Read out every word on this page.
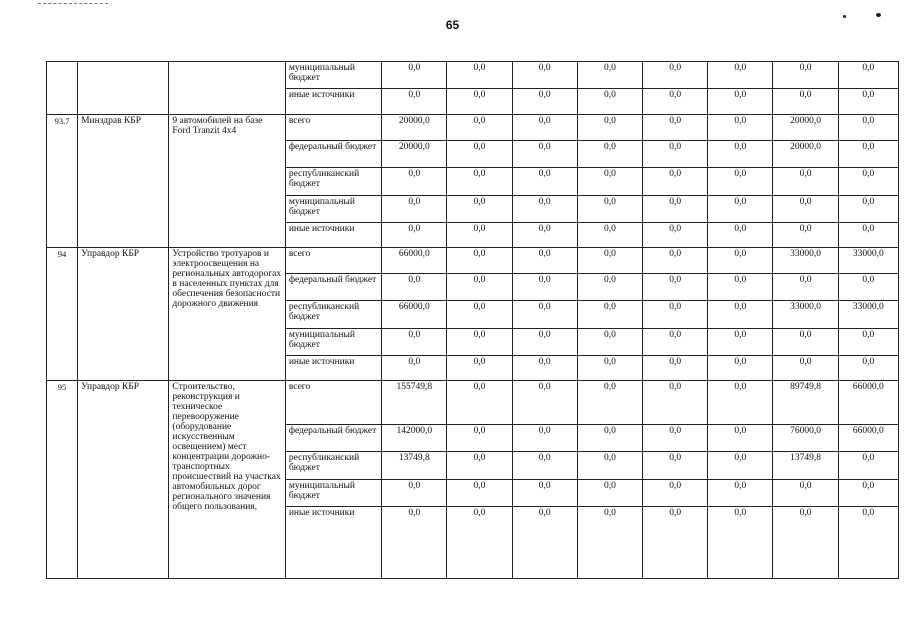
65
			муниципальный бюджет	0,0	0,0	0,0	0,0	0,0	0,0	0,0	0,0
			иные источники	0,0	0,0	0,0	0,0	0,0	0,0	0,0	0,0
93.7	Минздрав КБР	9 автомобилей на базе Ford Tranzit 4x4	всего	20000,0	0,0	0,0	0,0	0,0	0,0	20000,0	0,0
			федеральный бюджет	20000,0	0,0	0,0	0,0	0,0	0,0	20000,0	0,0
			республиканский бюджет	0,0	0,0	0,0	0,0	0,0	0,0	0,0	0,0
			муниципальный бюджет	0,0	0,0	0,0	0,0	0,0	0,0	0,0	0,0
			иные источники	0,0	0,0	0,0	0,0	0,0	0,0	0,0	0,0
94	Управдор КБР	Устройство тротуаров и электроосвещения на региональных автодорогах в населенных пунктах для обеспечения безопасности дорожного движения	всего	66000,0	0,0	0,0	0,0	0,0	0,0	33000,0	33000,0
			федеральный бюджет	0,0	0,0	0,0	0,0	0,0	0,0	0,0	0,0
			республиканский бюджет	66000,0	0,0	0,0	0,0	0,0	0,0	33000,0	33000,0
			муниципальный бюджет	0,0	0,0	0,0	0,0	0,0	0,0	0,0	0,0
			иные источники	0,0	0,0	0,0	0,0	0,0	0,0	0,0	0,0
95	Управдор КБР	Строительство, реконструкция и техническое перевооружение (оборудование искусственным освещением) мест концентрации дорожно-транспортных происшествий на участках автомобильных дорог регионального значения общего пользования,	всего	155749,8	0,0	0,0	0,0	0,0	0,0	89749,8	66000,0
			федеральный бюджет	142000,0	0,0	0,0	0,0	0,0	0,0	76000,0	66000,0
			республиканский бюджет	13749,8	0,0	0,0	0,0	0,0	0,0	13749,8	0,0
			муниципальный бюджет	0,0	0,0	0,0	0,0	0,0	0,0	0,0	0,0
			иные источники	0,0	0,0	0,0	0,0	0,0	0,0	0,0	0,0
